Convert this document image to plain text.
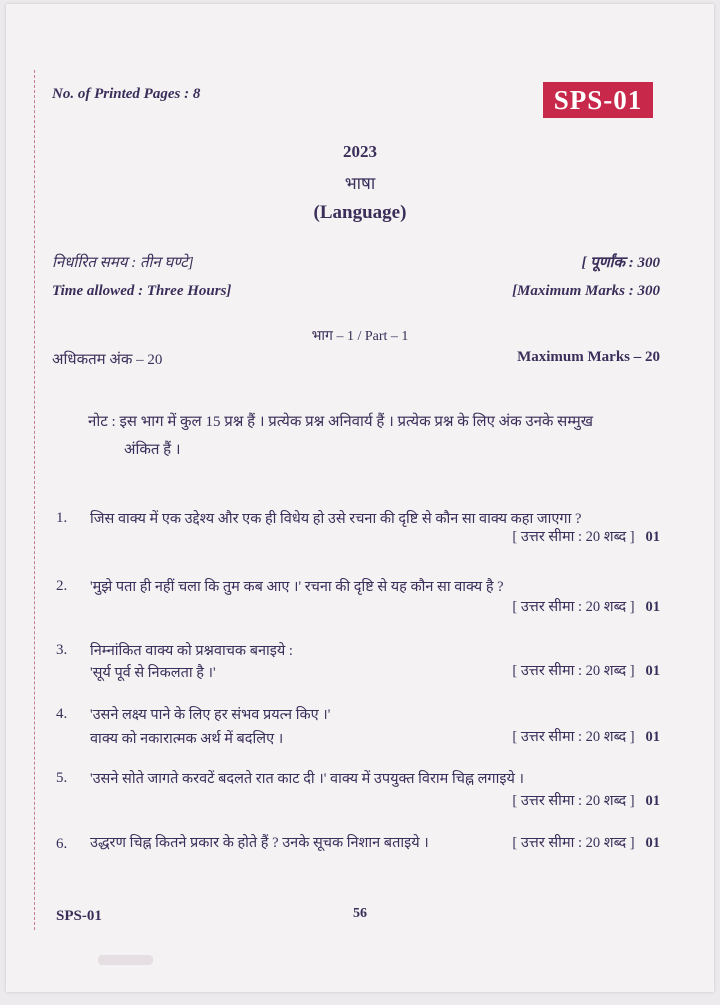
No. of Printed Pages : 8	SPS-01
2023
भाषा
(Language)
निर्धारित समय : तीन घण्टे]	[ पूर्णांक : 300
Time allowed : Three Hours]	[Maximum Marks : 300
भाग – 1 / Part – 1
अधिकतम अंक – 20	Maximum Marks – 20
नोट : इस भाग में कुल 15 प्रश्न हैं । प्रत्येक प्रश्न अनिवार्य हैं । प्रत्येक प्रश्न के लिए अंक उनके सम्मुख
अंकित हैं ।
1. जिस वाक्य में एक उद्देश्य और एक ही विधेय हो उसे रचना की दृष्टि से कौन सा वाक्य कहा जाएगा ?
[ उत्तर सीमा : 20 शब्द ] 01
2. 'मुझे पता ही नहीं चला कि तुम कब आए ।' रचना की दृष्टि से यह कौन सा वाक्य है ?
[ उत्तर सीमा : 20 शब्द ] 01
3. निम्नांकित वाक्य को प्रश्नवाचक बनाइये :
'सूर्य पूर्व से निकलता है ।'	[ उत्तर सीमा : 20 शब्द ] 01
4. 'उसने लक्ष्य पाने के लिए हर संभव प्रयत्न किए ।'
वाक्य को नकारात्मक अर्थ में बदलिए ।	[ उत्तर सीमा : 20 शब्द ] 01
5. 'उसने सोते जागते करवटें बदलते रात काट दी ।' वाक्य में उपयुक्त विराम चिह्न लगाइये ।
[ उत्तर सीमा : 20 शब्द ] 01
6. उद्धरण चिह्न कितने प्रकार के होते हैं ? उनके सूचक निशान बताइये ।	[ उत्तर सीमा : 20 शब्द ] 01
SPS-01	56
